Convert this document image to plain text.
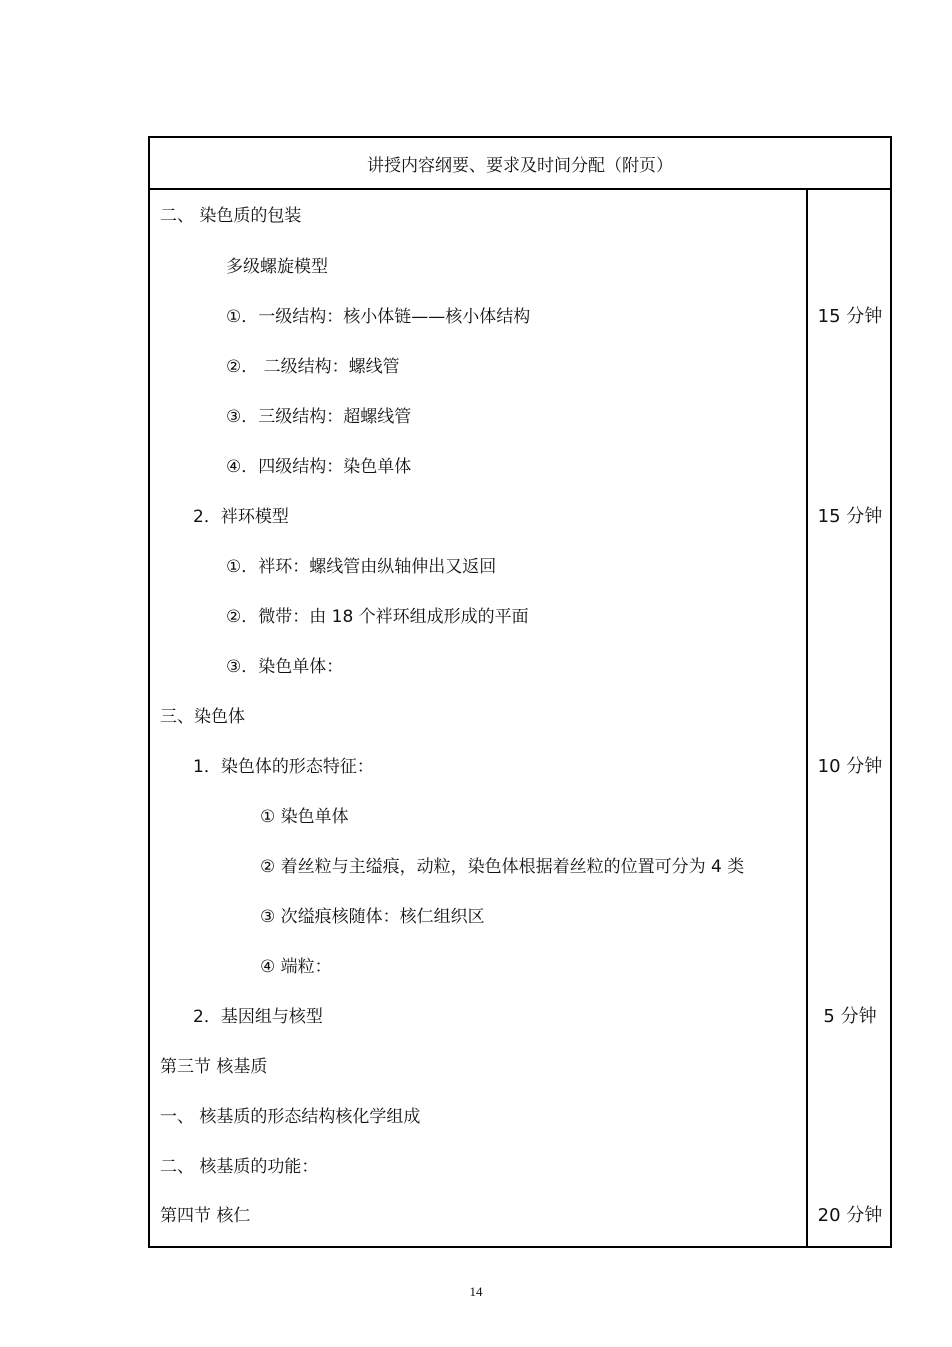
讲授内容纲要、要求及时间分配（附页）
二、 染色质的包装
多级螺旋模型
①．一级结构：核小体链——核小体结构
②． 二级结构：螺线管
③．三级结构：超螺线管
④．四级结构：染色单体
2．袢环模型
①．袢环：螺线管由纵轴伸出又返回
②．微带：由 18 个袢环组成形成的平面
③．染色单体：
三、染色体
1．染色体的形态特征：
① 染色单体
② 着丝粒与主缢痕，动粒，染色体根据着丝粒的位置可分为 4 类
③ 次缢痕核随体：核仁组织区
④ 端粒：
2．基因组与核型
第三节 核基质
一、 核基质的形态结构核化学组成
二、 核基质的功能：
第四节 核仁
15 分钟
15 分钟
10 分钟
5 分钟
20 分钟
14
